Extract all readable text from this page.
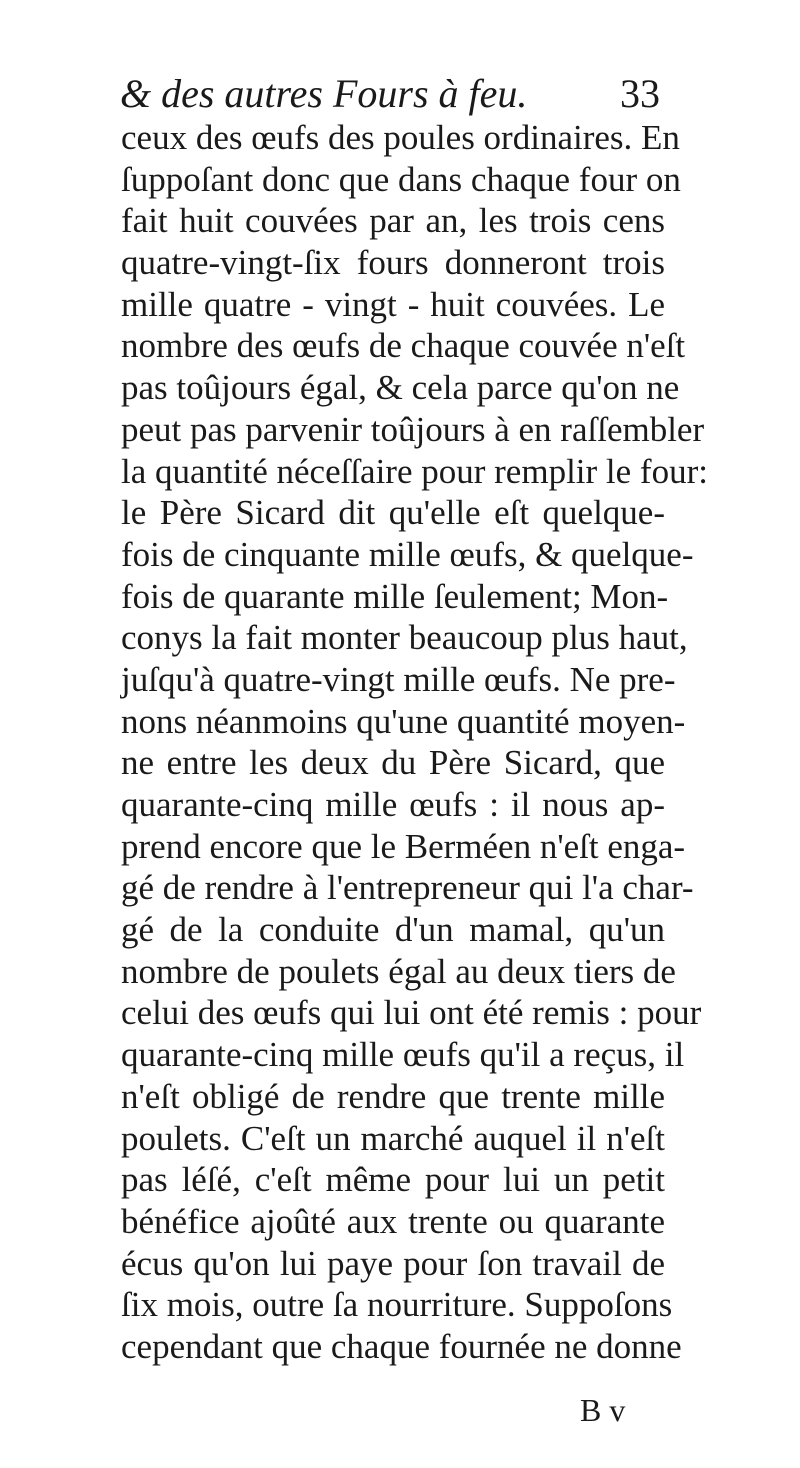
& des autres Fours à feu. 33
ceux des œufs des poules ordinaires. En
ſuppoſant donc que dans chaque four on
fait huit couvées par an, les trois cens
quatre-vingt-ſix fours donneront trois
mille quatre - vingt - huit couvées. Le
nombre des œufs de chaque couvée n'eſt
pas toûjours égal, & cela parce qu'on ne
peut pas parvenir toûjours à en raſſembler
la quantité néceſſaire pour remplir le four:
le Père Sicard dit qu'elle eſt quelque-
fois de cinquante mille œufs, & quelque-
fois de quarante mille ſeulement; Mon-
conys la fait monter beaucoup plus haut,
juſqu'à quatre-vingt mille œufs. Ne pre-
nons néanmoins qu'une quantité moyen-
ne entre les deux du Père Sicard, que
quarante-cinq mille œufs : il nous ap-
prend encore que le Berméen n'eſt enga-
gé de rendre à l'entrepreneur qui l'a char-
gé de la conduite d'un mamal, qu'un
nombre de poulets égal au deux tiers de
celui des œufs qui lui ont été remis : pour
quarante-cinq mille œufs qu'il a reçus, il
n'eſt obligé de rendre que trente mille
poulets. C'eſt un marché auquel il n'eſt
pas léſé, c'eſt même pour lui un petit
bénéfice ajoûté aux trente ou quarante
écus qu'on lui paye pour ſon travail de
ſix mois, outre ſa nourriture. Suppoſons
cependant que chaque fournée ne donne
B v
